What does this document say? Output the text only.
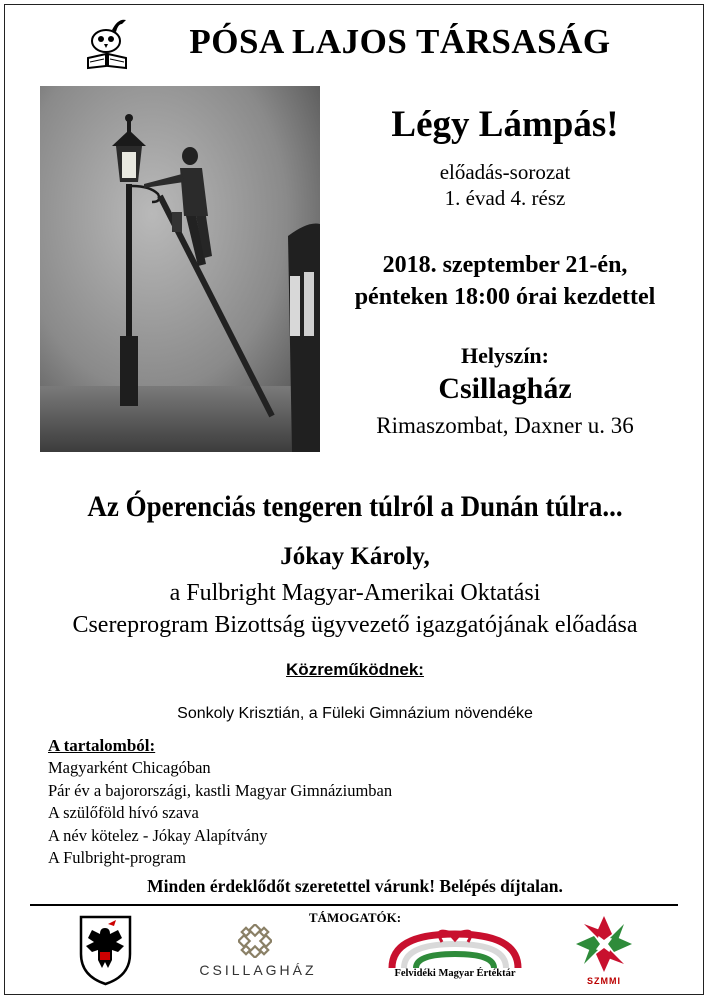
PÓSA LAJOS TÁRSASÁG
Légy Lámpás!
előadás-sorozat
1. évad 4. rész
2018. szeptember 21-én,
pénteken 18:00 órai kezdettel
Helyszín:
Csillagház
Rimaszombat, Daxner u. 36
Az Óperenciás tengeren túlról a Dunán túlra...
Jókay Károly,
a Fulbright Magyar-Amerikai Oktatási
Csereprogram Bizottság ügyvezető igazgatójának előadása
Közreműködnek:
Sonkoly Krisztián, a Füleki Gimnázium növendéke
A tartalomból:
Magyarként Chicagóban
Pár év a bajorországi, kastli Magyar Gimnáziumban
A szülőföld hívó szava
A név kötelez - Jókay Alapítvány
A Fulbright-program
Minden érdeklődőt szeretettel várunk! Belépés díjtalan.
TÁMOGATÓK:
CSILLAGHÁZ	Felvidéki Magyar Értéktár
SZMMI
